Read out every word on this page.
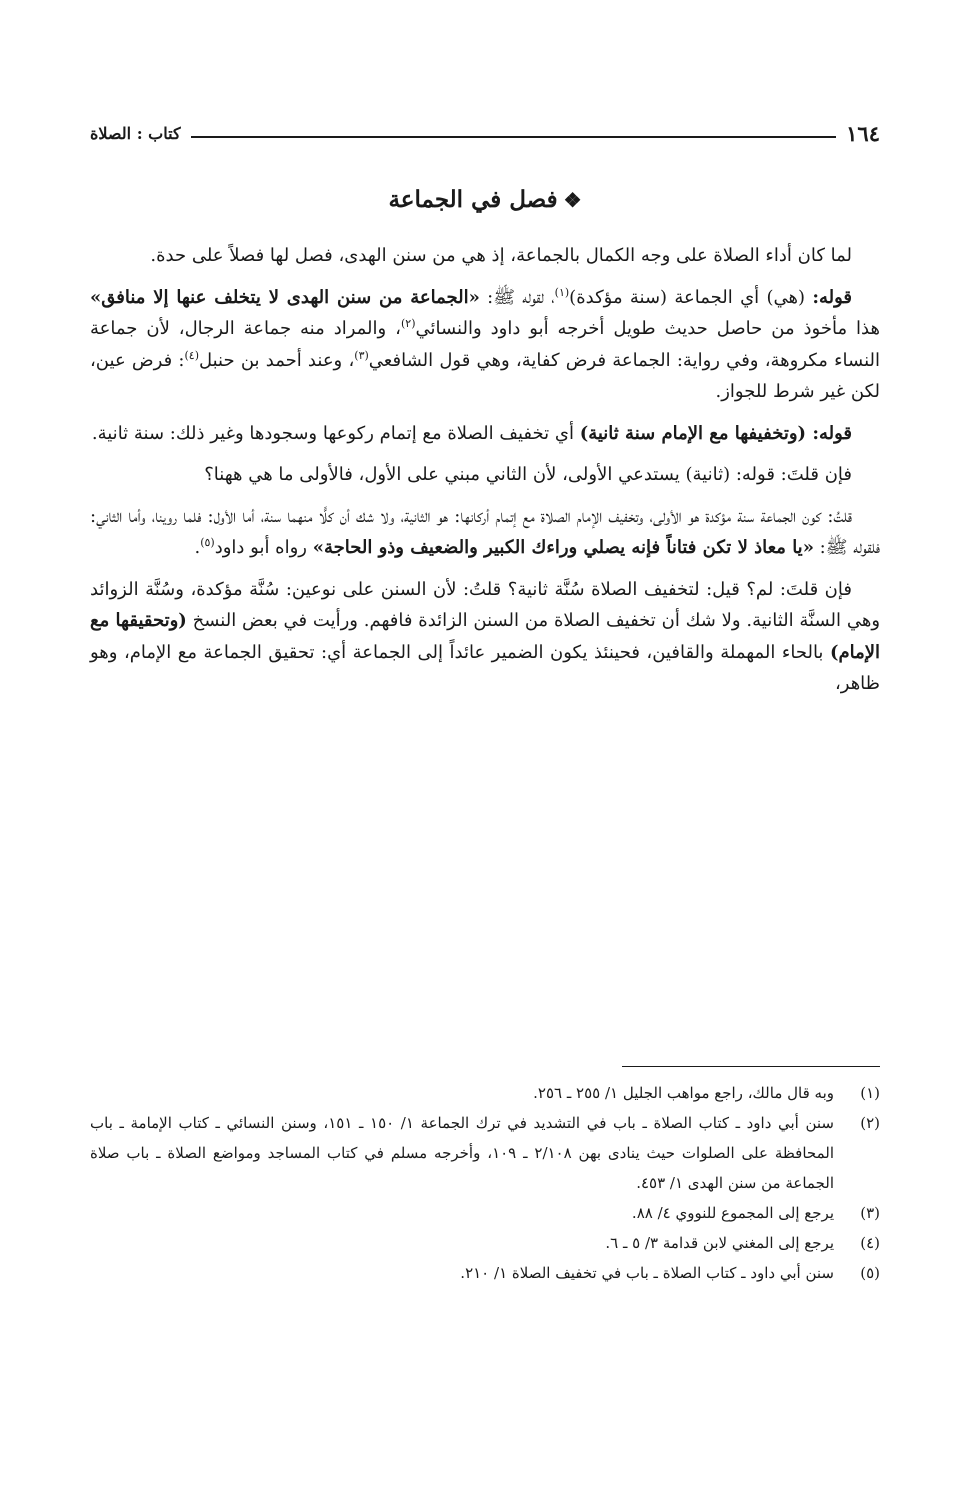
١٦٤
كتاب : الصلاة
❖فصل في الجماعة

لما كان أداء الصلاة على وجه الكمال بالجماعة، إذ هي من سنن الهدى، فصل لها فصلاً على حدة.

قوله: (هي) أي الجماعة (سنة مؤكدة)$^{(١)}$، لقوله ﷺ: «الجماعة من سنن الهدى لا يتخلف عنها إلا منافق» هذا مأخوذ من حاصل حديث طويل أخرجه أبو داود والنسائي$^{(٢)}$، والمراد منه جماعة الرجال، لأن جماعة النساء مكروهة، وفي رواية: الجماعة فرض كفاية، وهي قول الشافعي$^{(٣)}$، وعند أحمد بن حنبل$^{(٤)}$: فرض عين، لكن غير شرط للجواز.

قوله: (وتخفيفها مع الإمام سنة ثانية) أي تخفيف الصلاة مع إتمام ركوعها وسجودها وغير ذلك: سنة ثانية.

فإن قلتَ: قوله: (ثانية) يستدعي الأولى، لأن الثاني مبني على الأول، فالأولى ما هي ههنا؟

قلتُ: كون الجماعة سنة مؤكدة هو الأولى، وتخفيف الإمام الصلاة مع إتمام أركانها: هو الثانية، ولا شك أن كلًّا منهما سنة، أما الأول: فلما روينا، وأما الثاني: فلقوله ﷺ: «يا معاذ لا تكن فتاناً فإنه يصلي وراءك الكبير والضعيف وذو الحاجة» رواه أبو داود$^{(٥)}$.

فإن قلتَ: لم؟ قيل: لتخفيف الصلاة سُنَّة ثانية؟ قلتُ: لأن السنن على نوعين: سُنَّة مؤكدة، وسُنَّة الزوائد وهي السنَّة الثانية. ولا شك أن تخفيف الصلاة من السنن الزائدة فافهم. ورأيت في بعض النسخ (وتحقيقها مع الإمام) بالحاء المهملة والقافين، فحينئذ يكون الضمير عائداً إلى الجماعة أي: تحقيق الجماعة مع الإمام، وهو ظاهر،

(١)
وبه قال مالك، راجع مواهب الجليل ١/ ٢٥٥ ـ ٢٥٦.
(٢)
سنن أبي داود ـ كتاب الصلاة ـ باب في التشديد في ترك الجماعة ١/ ١٥٠ ـ ١٥١، وسنن النسائي ـ كتاب الإمامة ـ باب المحافظة على الصلوات حيث ينادى بهن ٢/١٠٨ ـ ١٠٩، وأخرجه مسلم في كتاب المساجد ومواضع الصلاة ـ باب صلاة الجماعة من سنن الهدى ١/ ٤٥٣.
(٣)
يرجع إلى المجموع للنووي ٤/ ٨٨.
(٤)
يرجع إلى المغني لابن قدامة ٣/ ٥ ـ ٦.
(٥)
سنن أبي داود ـ كتاب الصلاة ـ باب في تخفيف الصلاة ١/ ٢١٠.
